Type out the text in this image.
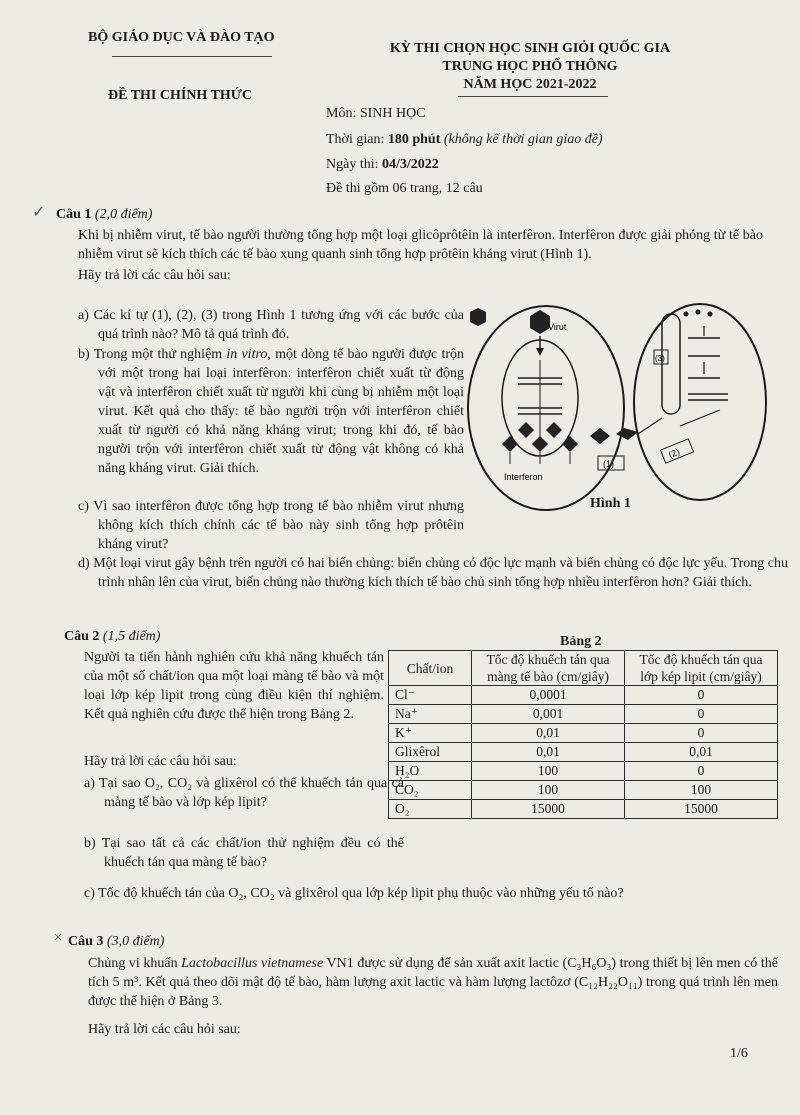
BỘ GIÁO DỤC VÀ ĐÀO TẠO
ĐỀ THI CHÍNH THỨC
KỲ THI CHỌN HỌC SINH GIỎI QUỐC GIA
TRUNG HỌC PHỔ THÔNG
NĂM HỌC 2021-2022
Môn: SINH HỌC
Thời gian: 180 phút (không kể thời gian giao đề)
Ngày thi: 04/3/2022
Đề thi gồm 06 trang, 12 câu
✓ Câu 1 (2,0 điểm)

Khi bị nhiễm virut, tế bào người thường tổng hợp một loại glicôprôtêin là interfêron. Interfêron được giải phóng từ tế bào nhiễm virut sẽ kích thích các tế bào xung quanh sinh tổng hợp prôtêin kháng virut (Hình 1).

Hãy trả lời các câu hỏi sau:

a) Các kí tự (1), (2), (3) trong Hình 1 tương ứng với các bước của quá trình nào? Mô tả quá trình đó.

b) Trong một thử nghiệm in vitro, một dòng tế bào người được trộn với một trong hai loại interfêron: interfêron chiết xuất từ động vật và interfêron chiết xuất từ người khi cùng bị nhiễm một loại virut. Kết quả cho thấy: tế bào người trộn với interfêron chiết xuất từ người có khả năng kháng virut; trong khi đó, tế bào người trộn với interfêron chiết xuất từ động vật không có khả năng kháng virut. Giải thích.

c) Vì sao interfêron được tổng hợp trong tế bào nhiễm virut nhưng không kích thích chính các tế bào này sinh tổng hợp prôtêin kháng virut?

d) Một loại virut gây bệnh trên người có hai biến chủng: biến chủng có độc lực mạnh và biến chủng có độc lực yếu. Trong chu trình nhân lên của virut, biến chủng nào thường kích thích tế bào chủ sinh tổng hợp nhiều interfêron hơn? Giải thích.

Virut
Interferon
(1)
(2)
(3)
Hình 1
Câu 2 (1,5 điểm)

Người ta tiến hành nghiên cứu khả năng khuếch tán của một số chất/ion qua một loại màng tế bào và một loại lớp kép lipit trong cùng điều kiện thí nghiệm. Kết quả nghiên cứu được thể hiện trong Bảng 2.

Hãy trả lời các câu hỏi sau:

a) Tại sao O₂, CO₂ và glixêrol có thể khuếch tán qua cả màng tế bào và lớp kép lipit?

b) Tại sao tất cả các chất/ion thử nghiệm đều có thể khuếch tán qua màng tế bào?

c) Tốc độ khuếch tán của O₂, CO₂ và glixêrol qua lớp kép lipit phụ thuộc vào những yếu tố nào?

Bảng 2
Chất/ion	Tốc độ khuếch tán qua màng tế bào (cm/giây)	Tốc độ khuếch tán qua lớp kép lipit (cm/giây)
Cl⁻	0,0001	0
Na⁺	0,001	0
K⁺	0,01	0
Glixêrol	0,01	0,01
H₂O	100	0
CO₂	100	100
O₂	15000	15000
× Câu 3 (3,0 điểm)

Chủng vi khuẩn Lactobacillus vietnamese VN1 được sử dụng để sản xuất axit lactic (C₃H₆O₃) trong thiết bị lên men có thể tích 5 m³. Kết quả theo dõi mật độ tế bào, hàm lượng axit lactic và hàm lượng lactôzơ (C₁₂H₂₂O₁₁) trong quá trình lên men được thể hiện ở Bảng 3.

Hãy trả lời các câu hỏi sau:

1/6
